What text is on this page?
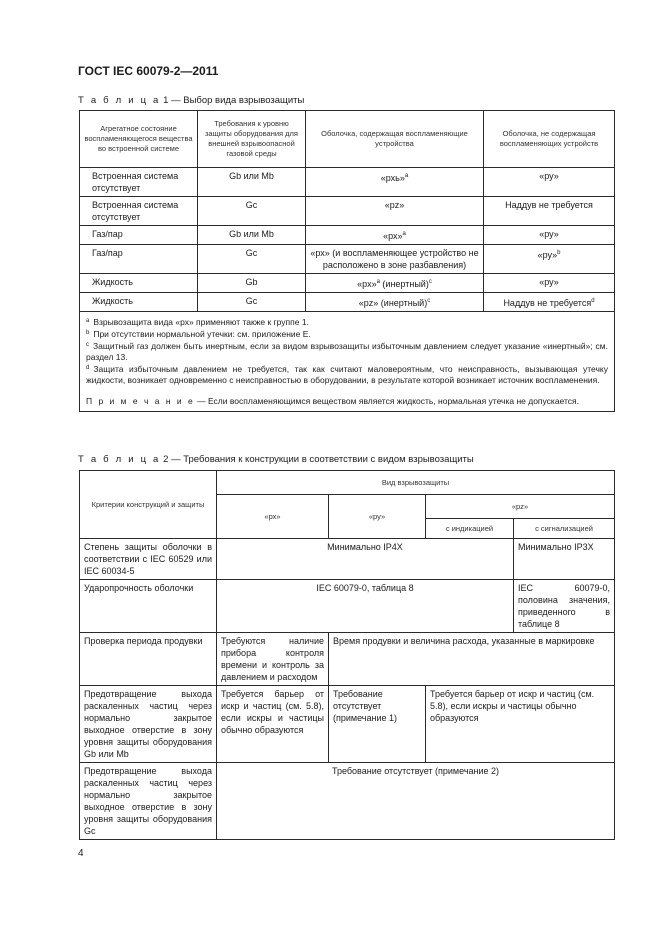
ГОСТ IEC 60079-2—2011
Т а б л и ц а 1 — Выбор вида взрывозащиты
Агрегатное состояние воспламеняющегося вещества во встроенной системе	Требования к уровню защиты оборудования для внешней взрывоопасной газовой среды	Оболочка, содержащая воспламеняющие устройства	Оболочка, не содержащая воспламеняющих устройств
Встроенная система отсутствует	Gb или Mb	«рхь»$^a$	«ру»
Встроенная система отсутствует	Gc	«pz»	Наддув не требуется
Газ/пар	Gb или Mb	«рх»$^a$	«ру»
Газ/пар	Gc	«рх» (и воспламеняющее устройство не расположено в зоне разбавления)	«ру»$^b$
Жидкость	Gb	«рх»$^a$ (инертный)$^c$	«ру»
Жидкость	Gc	«pz» (инертный)$^c$	Наддув не требуется$^d$

$^a$ Взрывозащита вида «рх» применяют также к группе 1.

$^b$ При отсутствии нормальной утечки: см. приложение Е.

$^c$ Защитный газ должен быть инертным, если за видом взрывозащиты избыточным давлением следует указание «инертный»; см. раздел 13.

$^d$ Защита избыточным давлением не требуется, так как считают маловероятным, что неисправность, вызывающая утечку жидкости, возникает одновременно с неисправностью в оборудовании, в результате которой возникает источник воспламенения.

П р и м е ч а н и е — Если воспламеняющимся веществом является жидкость, нормальная утечка не допускается.			

Т а б л и ц а 2 — Требования к конструкции в соответствии с видом взрывозащиты
Критерии конструкций и защиты	Вид взрывозащиты			
	«рх»	«ру»	«pz»	
			с индикацией	с сигнализацией
Степень защиты оболочки в соответствии с IEC 60529 или IEC 60034-5	Минимально IP4X			Минимально IP3X
Ударопрочность оболочки	IEC 60079-0, таблица 8			IEC 60079-0, половина значения, приведенного в таблице 8
Проверка периода продувки	Требуются наличие прибора контроля времени и контроль за давлением и расходом	Время продувки и величина расхода, указанные в маркировке		
Предотвращение выхода раскаленных частиц через нормально закрытое выходное отверстие в зону уровня защиты оборудования Gb или Mb	Требуется барьер от искр и частиц (см. 5.8), если искры и частицы обычно образуются	Требование отсутствует (примечание 1)	Требуется барьер от искр и частиц (см. 5.8), если искры и частицы обычно образуются	
Предотвращение выхода раскаленных частиц через нормально закрытое выходное отверстие в зону уровня защиты оборудования Gc	Требование отсутствует (примечание 2)			
4
